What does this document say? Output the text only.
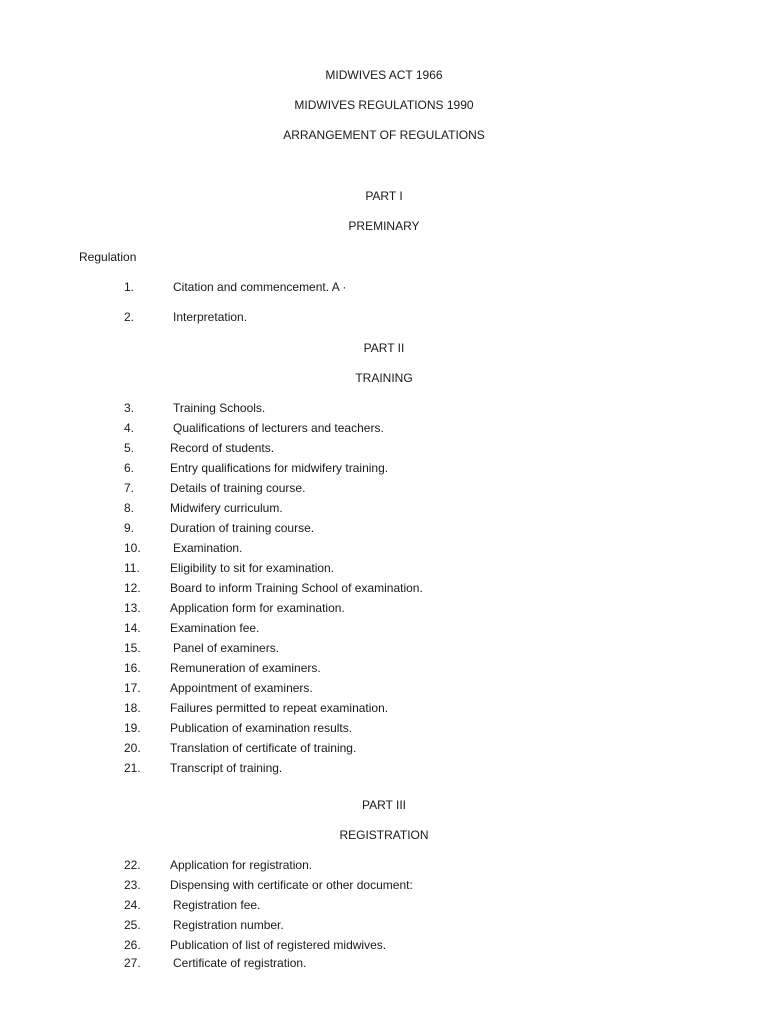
MIDWIVES ACT 1966
MIDWIVES REGULATIONS 1990
ARRANGEMENT OF REGULATIONS
PART I
PREMINARY
Regulation
1.	Citation and commencement. A ·
2.	Interpretation.
PART II
TRAINING
3.	Training Schools.
4.	Qualifications of lecturers and teachers.
5.	Record of students.
6.	Entry qualifications for midwifery training.
7.	Details of training course.
8.	Midwifery curriculum.
9.	Duration of training course.
10.	Examination.
11.	Eligibility to sit for examination.
12. Board to inform Training School of examination.
13. Application form for examination.
14. Examination fee.
15.	Panel of examiners.
16. Remuneration of examiners.
17. Appointment of examiners.
18. Failures permitted to repeat examination.
19. Publication of examination results.
20. Translation of certificate of training.
21. Transcript of training.
PART III
REGISTRATION
22. Application for registration.
23. Dispensing with certificate or other document:
24.	Registration fee.
25.	Registration number.
26. Publication of list of registered midwives.
27.	Certificate of registration.
